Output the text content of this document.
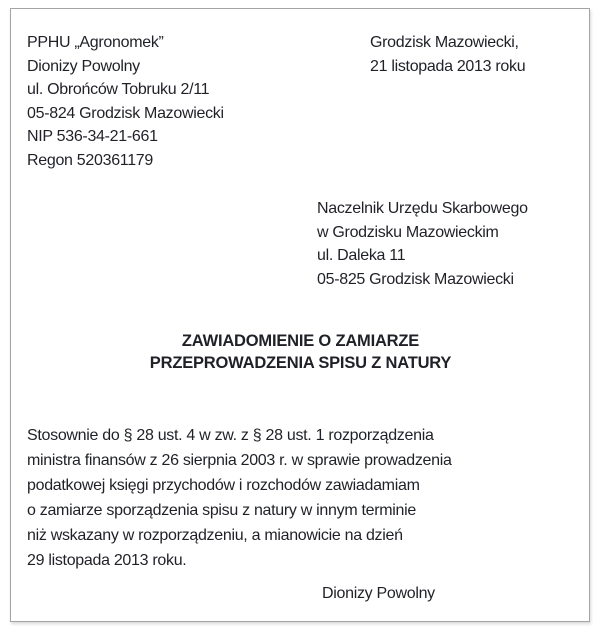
PPHU „Agronomek”
Dionizy Powolny
ul. Obrońców Tobruku 2/11
05-824 Grodzisk Mazowiecki
NIP 536-34-21-661
Regon 520361179
Grodzisk Mazowiecki,
21 listopada 2013 roku
Naczelnik Urzędu Skarbowego
w Grodzisku Mazowieckim
ul. Daleka 11
05-825 Grodzisk Mazowiecki
ZAWIADOMIENIE O ZAMIARZE
PRZEPROWADZENIA SPISU Z NATURY
Stosownie do § 28 ust. 4 w zw. z § 28 ust. 1 rozporządzenia
ministra finansów z 26 sierpnia 2003 r. w sprawie prowadzenia
podatkowej księgi przychodów i rozchodów zawiadamiam
o zamiarze sporządzenia spisu z natury w innym terminie
niż wskazany w rozporządzeniu, a mianowicie na dzień
29 listopada 2013 roku.
Dionizy Powolny
